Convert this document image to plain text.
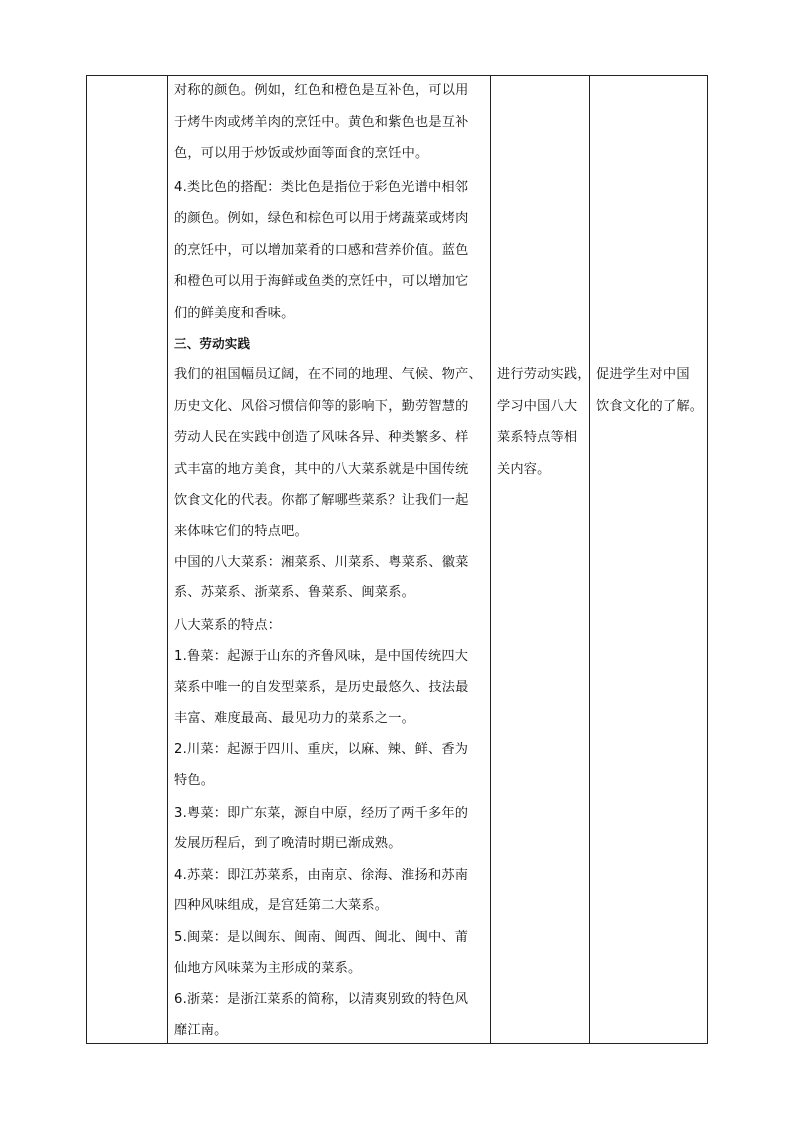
对称的颜色。例如，红色和橙色是互补色，可以用
于烤牛肉或烤羊肉的烹饪中。黄色和紫色也是互补
色，可以用于炒饭或炒面等面食的烹饪中。
4.类比色的搭配：类比色是指位于彩色光谱中相邻
的颜色。例如，绿色和棕色可以用于烤蔬菜或烤肉
的烹饪中，可以增加菜肴的口感和营养价值。蓝色
和橙色可以用于海鲜或鱼类的烹饪中，可以增加它
们的鲜美度和香味。
三、劳动实践
我们的祖国幅员辽阔，在不同的地理、气候、物产、
历史文化、风俗习惯信仰等的影响下，勤劳智慧的
劳动人民在实践中创造了风味各异、种类繁多、样
式丰富的地方美食，其中的八大菜系就是中国传统
饮食文化的代表。你都了解哪些菜系？让我们一起
来体味它们的特点吧。
中国的八大菜系：湘菜系、川菜系、粤菜系、徽菜
系、苏菜系、浙菜系、鲁菜系、闽菜系。
八大菜系的特点：
1.鲁菜：起源于山东的齐鲁风味，是中国传统四大
菜系中唯一的自发型菜系，是历史最悠久、技法最
丰富、难度最高、最见功力的菜系之一。
2.川菜：起源于四川、重庆，以麻、辣、鲜、香为
特色。
3.粤菜：即广东菜，源自中原，经历了两千多年的
发展历程后，到了晚清时期已渐成熟。
4.苏菜：即江苏菜系，由南京、徐海、淮扬和苏南
四种风味组成，是宫廷第二大菜系。
5.闽菜：是以闽东、闽南、闽西、闽北、闽中、莆
仙地方风味菜为主形成的菜系。
6.浙菜：是浙江菜系的简称，以清爽别致的特色风
靡江南。
进行劳动实践，
学习中国八大
菜系特点等相
关内容。
促进学生对中国
饮食文化的了解。
